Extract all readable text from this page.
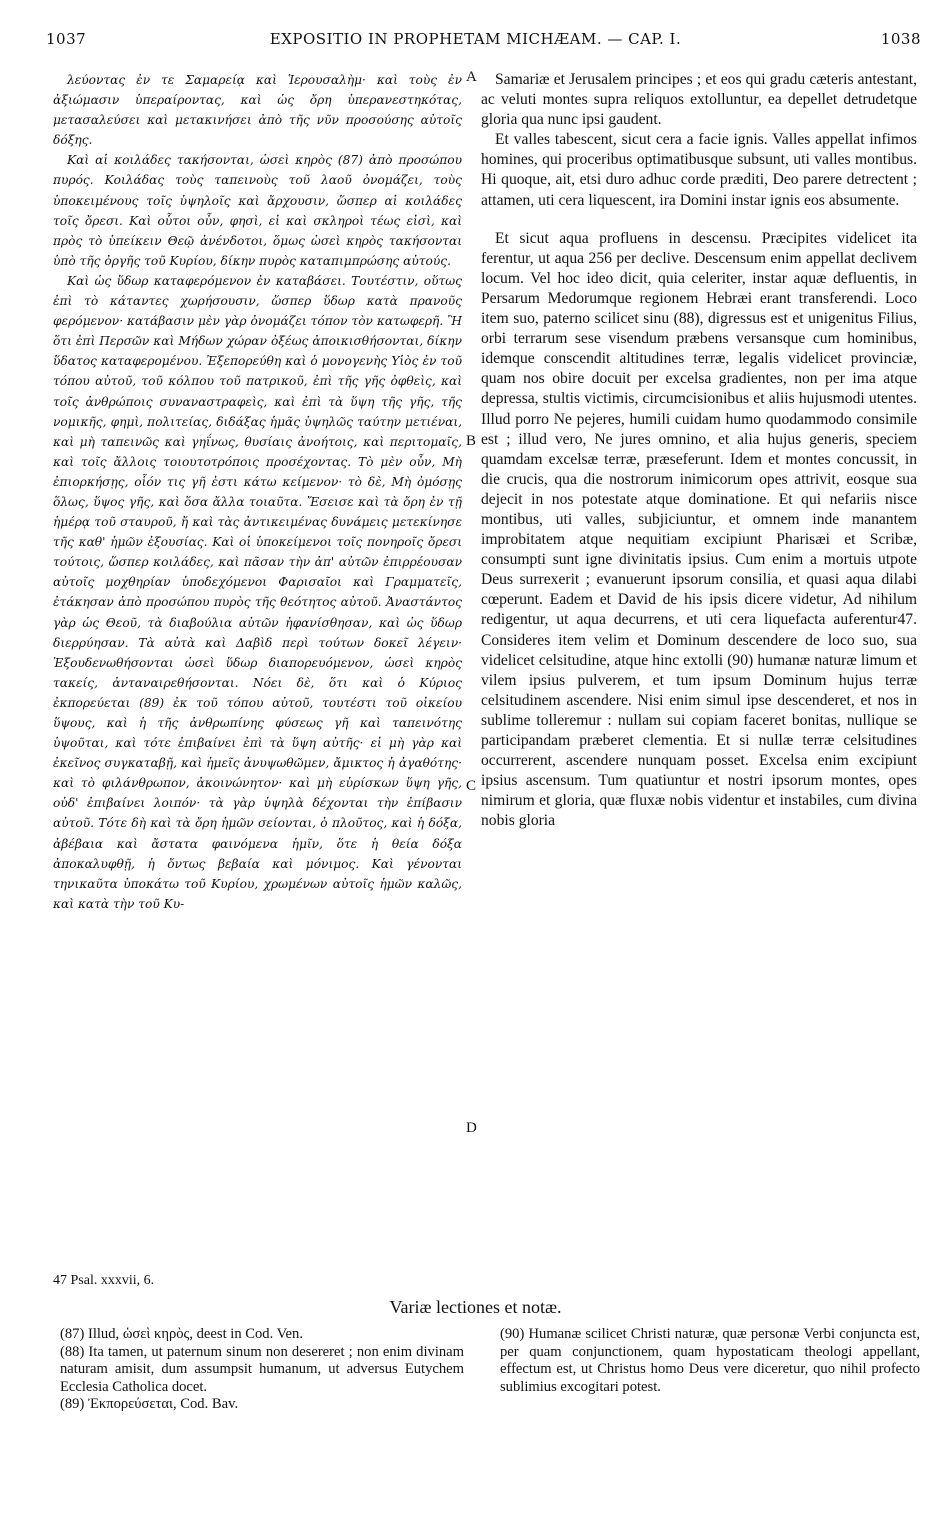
1037	EXPOSITIO IN PROPHETAM MICHÆAM. — CAP. I.	1038

λεύοντας ἐν τε Σαμαρείᾳ καὶ Ἱερουσαλὴμ· καὶ τοὺς ἐν ἀξιώμασιν ὑπεραίροντας, καὶ ὡς ὄρη ὑπερανεστηκότας, μετασαλεύσει καὶ μετακινήσει ἀπὸ τῆς νῦν προσούσης αὐτοῖς δόξης.

Καὶ αἱ κοιλάδες τακήσονται, ὡσεὶ κηρὸς (87) ἀπὸ προσώπου πυρός. Κοιλάδας τοὺς ταπεινοὺς τοῦ λαοῦ ὀνομάζει, τοὺς ὑποκειμένους τοῖς ὑψηλοῖς καὶ ἄρχουσιν, ὥσπερ αἱ κοιλάδες τοῖς ὄρεσι. Καὶ οὗτοι οὖν, φησὶ, εἰ καὶ σκληροὶ τέως εἰσὶ, καὶ πρὸς τὸ ὑπείκειν Θεῷ ἀνένδοτοι, ὅμως ὡσεὶ κηρὸς τακήσονται ὑπὸ τῆς ὀργῆς τοῦ Κυρίου, δίκην πυρὸς καταπιμπρώσης αὐτούς.

Καὶ ὡς ὕδωρ καταφερόμενον ἐν καταβάσει. Τουτέστιν, οὕτως ἐπὶ τὸ κάταντες χωρήσουσιν, ὥσπερ ὕδωρ κατὰ πρανοῦς φερόμενον· κατάβασιν μὲν γὰρ ὀνομάζει τόπον τὸν κατωφερῆ. Ἢ ὅτι ἐπὶ Περσῶν καὶ Μήδων χώραν ὀξέως ἀποικισθήσονται, δίκην ὕδατος καταφερομένου. Ἐξεπορεύθη καὶ ὁ μονογενὴς Υἱὸς ἐν τοῦ τόπου αὐτοῦ, τοῦ κόλπου τοῦ πατρικοῦ, ἐπὶ τῆς γῆς ὀφθεὶς, καὶ τοῖς ἀνθρώποις συναναστραφεὶς, καὶ ἐπὶ τὰ ὕψη τῆς γῆς, τῆς νομικῆς, φημὶ, πολιτείας, διδάξας ἡμᾶς ὑψηλῶς ταύτην μετιέναι, καὶ μὴ ταπεινῶς καὶ γηΐνως, θυσίαις ἀνοήτοις, καὶ περιτομαῖς, καὶ τοῖς ἄλλοις τοιουτοτρόποις προσέχοντας. Τὸ μὲν οὖν, Μὴ ἐπιορκήσῃς, οἷόν τις γῆ ἐστι κάτω κείμενον· τὸ δὲ, Μὴ ὀμόσῃς ὅλως, ὕψος γῆς, καὶ ὅσα ἄλλα τοιαῦτα. Ἔσεισε καὶ τὰ ὄρη ἐν τῇ ἡμέρᾳ τοῦ σταυροῦ, ἤ καὶ τὰς ἀντικειμένας δυνάμεις μετεκίνησε τῆς καθ' ἡμῶν ἐξουσίας. Καὶ οἱ ὑποκείμενοι τοῖς πονηροῖς ὄρεσι τούτοις, ὥσπερ κοιλάδες, καὶ πᾶσαν τὴν ἀπ' αὐτῶν ἐπιρρέουσαν αὐτοῖς μοχθηρίαν ὑποδεχόμενοι Φαρισαῖοι καὶ Γραμματεῖς, ἐτάκησαν ἀπὸ προσώπου πυρὸς τῆς θεότητος αὐτοῦ. Ἀναστάντος γὰρ ὡς Θεοῦ, τὰ διαβούλια αὐτῶν ἠφανίσθησαν, καὶ ὡς ὕδωρ διερρύησαν. Τὰ αὐτὰ καὶ Δαβὶδ περὶ τούτων δοκεῖ λέγειν· Ἐξουδενωθήσονται ὡσεὶ ὕδωρ διαπορευόμενον, ὡσεὶ κηρὸς τακείς, ἀνταναιρεθήσονται. Νόει δὲ, ὅτι καὶ ὁ Κύριος ἐκπορεύεται (89) ἐκ τοῦ τόπου αὐτοῦ, τουτέστι τοῦ οἰκείου ὕψους, καὶ ἡ τῆς ἀνθρωπίνης φύσεως γῆ καὶ ταπεινότης ὑψοῦται, καὶ τότε ἐπιβαίνει ἐπὶ τὰ ὕψη αὐτῆς· εἰ μὴ γὰρ καὶ ἐκεῖνος συγκαταβῇ, καὶ ἡμεῖς ἀνυψωθῶμεν, ἄμικτος ἡ ἀγαθότης· καὶ τὸ φιλάνθρωπον, ἀκοινώνητον· καὶ μὴ εὑρίσκων ὕψη γῆς, οὐδ' ἐπιβαίνει λοιπόν· τὰ γὰρ ὑψηλὰ δέχονται τὴν ἐπίβασιν αὐτοῦ. Τότε δὴ καὶ τὰ ὄρη ἡμῶν σείονται, ὁ πλοῦτος, καὶ ἡ δόξα, ἀβέβαια καὶ ἄστατα φαινόμενα ἡμῖν, ὅτε ἡ θεία δόξα ἀποκαλυφθῇ, ἡ ὄντως βεβαία καὶ μόνιμος. Καὶ γένονται τηνικαῦτα ὑποκάτω τοῦ Κυρίου, χρωμένων αὐτοῖς ἡμῶν καλῶς, καὶ κατὰ τὴν τοῦ Κυ-

A
B
C
D

Samariæ et Jerusalem principes ; et eos qui gradu cæteris antestant, ac veluti montes supra reliquos extolluntur, ea depellet detrudetque gloria qua nunc ipsi gaudent.

Et valles tabescent, sicut cera a facie ignis. Valles appellat infimos homines, qui proceribus optimatibusque subsunt, uti valles montibus. Hi quoque, ait, etsi duro adhuc corde præditi, Deo parere detrectent ; attamen, uti cera liquescent, ira Domini instar ignis eos absumente.

Et sicut aqua profluens in descensu. Præcipites videlicet ita ferentur, ut aqua 256 per declive. Descensum enim appellat declivem locum. Vel hoc ideo dicit, quia celeriter, instar aquæ defluentis, in Persarum Medorumque regionem Hebræi erant transferendi. Loco item suo, paterno scilicet sinu (88), digressus est et unigenitus Filius, orbi terrarum sese visendum præbens versansque cum hominibus, idemque conscendit altitudines terræ, legalis videlicet provinciæ, quam nos obire docuit per excelsa gradientes, non per ima atque depressa, stultis victimis, circumcisionibus et aliis hujusmodi utentes. Illud porro Ne pejeres, humili cuidam humo quodammodo consimile est ; illud vero, Ne jures omnino, et alia hujus generis, speciem quamdam excelsæ terræ, præseferunt. Idem et montes concussit, in die crucis, qua die nostrorum inimicorum opes attrivit, eosque sua dejecit in nos potestate atque dominatione. Et qui nefariis nisce montibus, uti valles, subjiciuntur, et omnem inde manantem improbitatem atque nequitiam excipiunt Pharisæi et Scribæ, consumpti sunt igne divinitatis ipsius. Cum enim a mortuis utpote Deus surrexerit ; evanuerunt ipsorum consilia, et quasi aqua dilabi cœperunt. Eadem et David de his ipsis dicere videtur, Ad nihilum redigentur, ut aqua decurrens, et uti cera liquefacta auferentur47. Consideres item velim et Dominum descendere de loco suo, sua videlicet celsitudine, atque hinc extolli (90) humanæ naturæ limum et vilem ipsius pulverem, et tum ipsum Dominum hujus terræ celsitudinem ascendere. Nisi enim simul ipse descenderet, et nos in sublime tolleremur : nullam sui copiam faceret bonitas, nullique se participandam præberet clementia. Et si nullæ terræ celsitudines occurrerent, ascendere nunquam posset. Excelsa enim excipiunt ipsius ascensum. Tum quatiuntur et nostri ipsorum montes, opes nimirum et gloria, quæ fluxæ nobis videntur et instabiles, cum divina nobis gloria

47 Psal. xxxvii, 6.
Variæ lectiones et notæ.

(87) Illud, ὡσεὶ κηρὸς, deest in Cod. Ven.

(88) Ita tamen, ut paternum sinum non desereret ; non enim divinam naturam amisit, dum assumpsit humanum, ut adversus Eutychem Ecclesia Catholica docet.

(89) Ἐκπορεύσεται, Cod. Bav.

(90) Humanæ scilicet Christi naturæ, quæ personæ Verbi conjuncta est, per quam conjunctionem, quam hypostaticam theologi appellant, effectum est, ut Christus homo Deus vere diceretur, quo nihil profecto sublimius excogitari potest.
